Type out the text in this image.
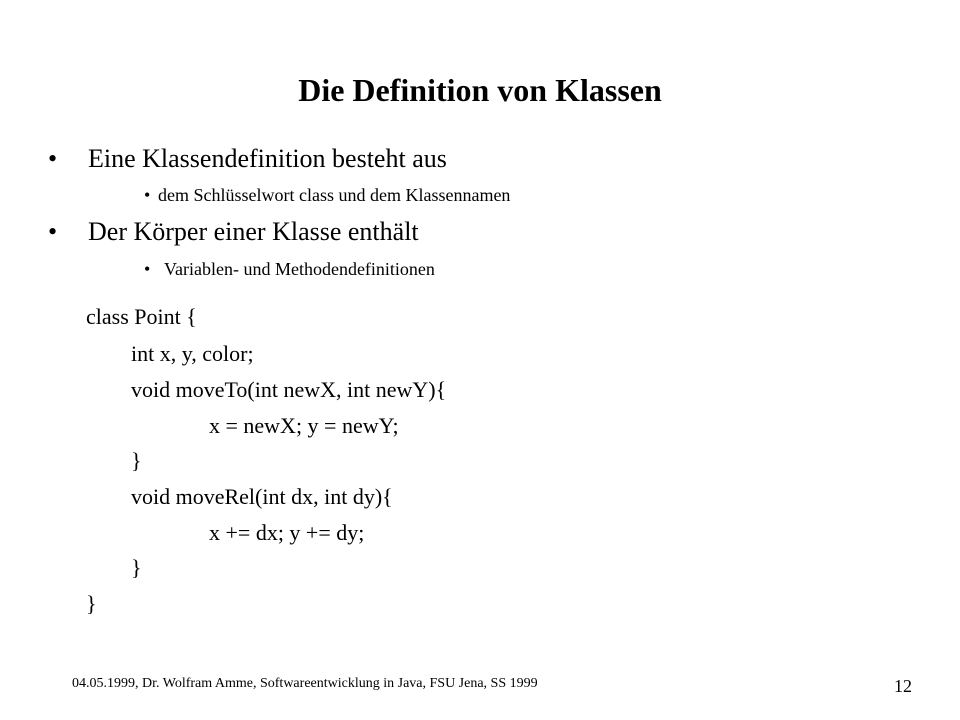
Die Definition von Klassen
• Eine Klassendefinition besteht aus
• dem Schlüsselwort class und dem Klassennamen
• Der Körper einer Klasse enthält
• Variablen- und Methodendefinitionen
class Point {
int x, y, color;
void moveTo(int newX, int newY){
x = newX; y = newY;
}
void moveRel(int dx, int dy){
x += dx; y += dy;
}
}
04.05.1999, Dr. Wolfram Amme, Softwareentwicklung in Java, FSU Jena, SS 1999	12
